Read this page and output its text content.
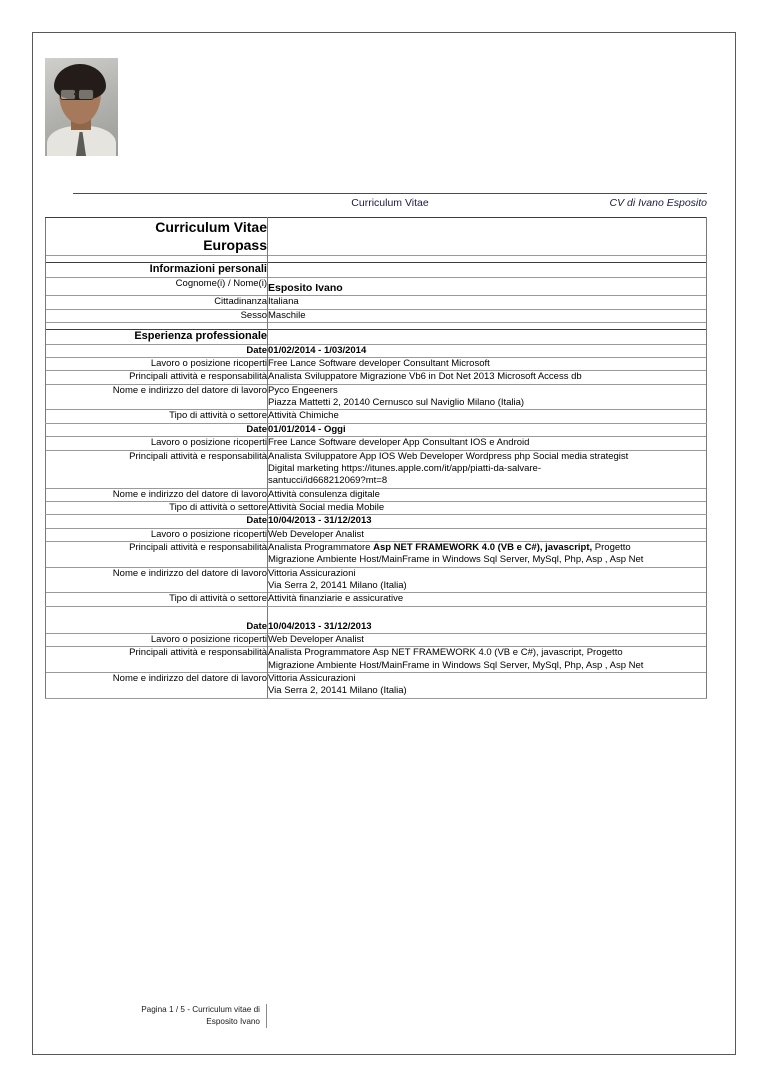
Curriculum Vitae	CV di Ivano Esposito
Curriculum Vitae
Europass	

Informazioni personali	
Cognome(i) / Nome(i)	Esposito Ivano
Cittadinanza	Italiana
Sesso	Maschile

Esperienza professionale	
Date	01/02/2014 - 1/03/2014
Lavoro o posizione ricoperti	Free Lance Software developer Consultant Microsoft
Principali attività e responsabilità	Analista Sviluppatore Migrazione Vb6 in Dot Net 2013 Microsoft Access db
Nome e indirizzo del datore di lavoro	Pyco Engeeners
Piazza Mattetti 2, 20140 Cernusco sul Naviglio Milano (Italia)
Tipo di attività o settore	Attività Chimiche
Date	01/01/2014 - Oggi
Lavoro o posizione ricoperti	Free Lance Software developer App Consultant IOS e Android
Principali attività e responsabilità	Analista Sviluppatore App IOS Web Developer Wordpress php Social media strategist
Digital marketing https://itunes.apple.com/it/app/piatti-da-salvare-
santucci/id668212069?mt=8
Nome e indirizzo del datore di lavoro	Attività consulenza digitale
Tipo di attività o settore	Attività Social media Mobile
Date	10/04/2013 - 31/12/2013
Lavoro o posizione ricoperti	Web Developer Analist
Principali attività e responsabilità	Analista Programmatore Asp NET FRAMEWORK 4.0 (VB e C#), javascript, Progetto
Migrazione Ambiente Host/MainFrame in Windows Sql Server, MySql, Php, Asp , Asp Net
Nome e indirizzo del datore di lavoro	Vittoria Assicurazioni
Via Serra 2, 20141 Milano (Italia)
Tipo di attività o settore	Attività finanziarie e assicurative
Date	10/04/2013 - 31/12/2013
Lavoro o posizione ricoperti	Web Developer Analist
Principali attività e responsabilità	Analista Programmatore Asp NET FRAMEWORK 4.0 (VB e C#), javascript, Progetto
Migrazione Ambiente Host/MainFrame in Windows Sql Server, MySql, Php, Asp , Asp Net
Nome e indirizzo del datore di lavoro	Vittoria Assicurazioni
Via Serra 2, 20141 Milano (Italia)
Pagina 1 / 5 - Curriculum vitae di
Esposito Ivano
